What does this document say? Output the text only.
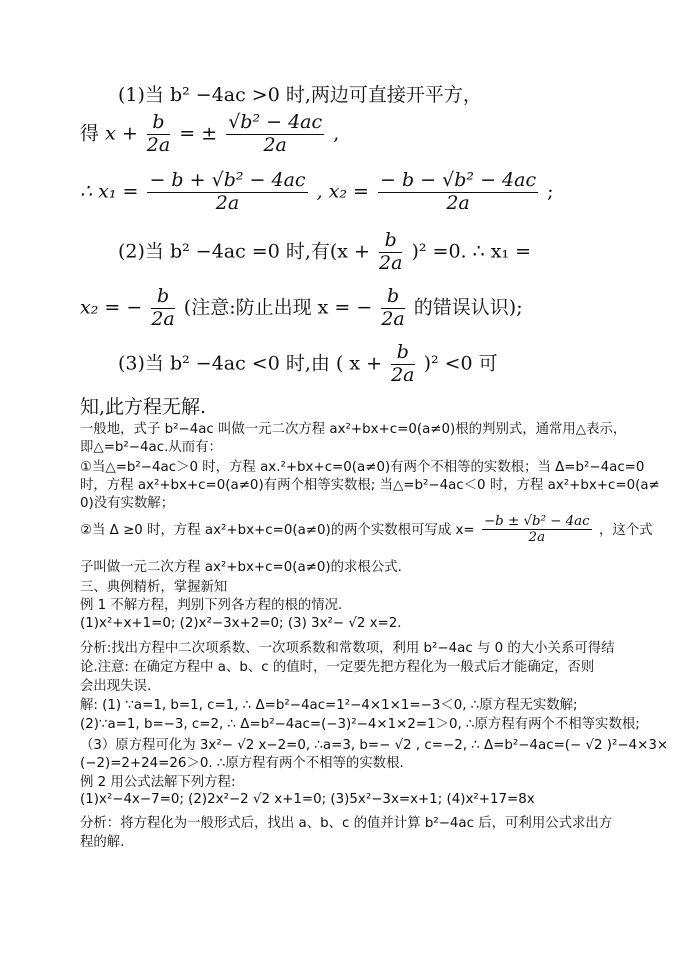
(1)当 b² −4ac >0 时,两边可直接开平方，
得 $x + \frac{b}{2a}$ = ± $\frac{\text{√b² − 4ac}}{2a}$ ,
∴ $x_1 = \frac{\text{− b + √b² − 4ac}}{2a}$ , $x_2 = \frac{\text{− b − √b² − 4ac}}{2a}$ ;
(2)当 b² −4ac =0 时,有$(x + \frac{b}{2a} )^2 =0$. ∴ x₁ =
x₂ = − $\frac{b}{2a}$ (注意:防止出现 x = − $\frac{b}{2a}$ 的错误认识);
(3)当 b² −4ac <0 时,由 ( $x + \frac{b}{2a} )^2 <0$ 可
知,此方程无解.
一般地，式子 b²−4ac 叫做一元二次方程 ax²+bx+c=0(a≠0)根的判别式，通常用△表示，
即△=b²−4ac.从而有：
①当△=b²−4ac＞0 时，方程 ax.²+bx+c=0(a≠0)有两个不相等的实数根；当 Δ=b²−4ac=0
时，方程 ax²+bx+c=0(a≠0)有两个相等实数根; 当△=b²−4ac＜0 时，方程 ax²+bx+c=0(a≠
0)没有实数解；
②当 Δ ≥0 时，方程 ax²+bx+c=0(a≠0)的两个实数根可写成 $x= \frac{\text{−b ± √b² − 4ac}}{2a}$ ，这个式
子叫做一元二次方程 ax²+bx+c=0(a≠0)的求根公式.
三、典例精析，掌握新知
例 1 不解方程，判别下列各方程的根的情况.
(1)x²+x+1=0; (2)x²−3x+2=0; (3) 3x²− √2 x=2.
分析:找出方程中二次项系数、一次项系数和常数项，利用 b²−4ac 与 0 的大小关系可得结
论.注意: 在确定方程中 a、b、c 的值时，一定要先把方程化为一般式后才能确定，否则
会出现失误.
解: (1) ∵a=1, b=1, c=1, ∴ Δ=b²−4ac=1²−4×1×1=−3＜0, ∴原方程无实数解;
(2)∵a=1, b=−3, c=2, ∴ Δ=b²−4ac=(−3)²−4×1×2=1＞0, ∴原方程有两个不相等实数根;
（3）原方程可化为 3x²− √2 x−2=0, ∴a=3, b=− √2 , c=−2, ∴ Δ=b²−4ac=(− √2 )²−4×3×
(−2)=2+24=26＞0. ∴原方程有两个不相等的实数根.
例 2 用公式法解下列方程:
(1)x²−4x−7=0; (2)2x²−2 √2 x+1=0; (3)5x²−3x=x+1; (4)x²+17=8x
分析：将方程化为一般形式后，找出 a、b、c 的值并计算 b²−4ac 后，可利用公式求出方
程的解.
